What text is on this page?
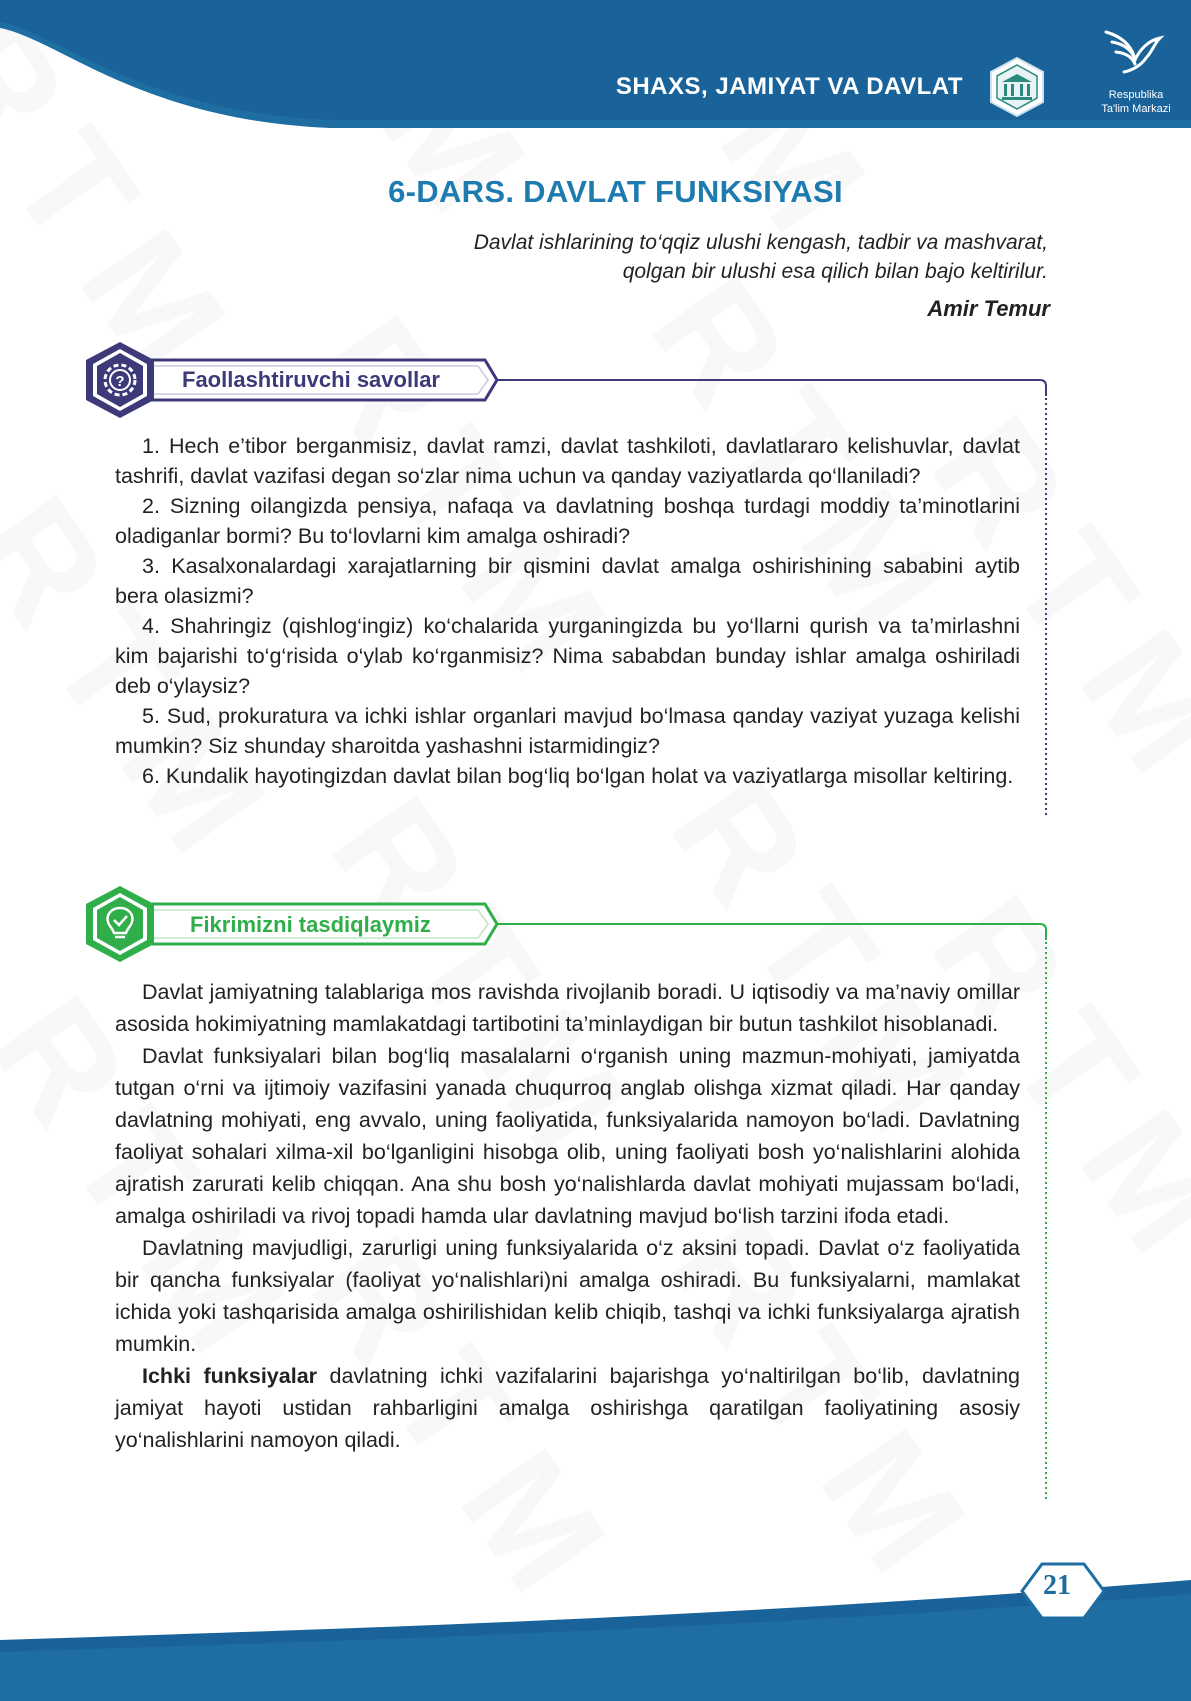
SHAXS, JAMIYAT VA DAVLAT	Respublika
Ta'lim Markazi
6-DARS. DAVLAT FUNKSIYASI
Davlat ishlarining to‘qqiz ulushi kengash, tadbir va mashvarat,
qolgan bir ulushi esa qilich bilan bajo keltirilur.
Amir Temur
?	Faollashtiruvchi savollar

1. Hech e’tibor berganmisiz, davlat ramzi, davlat tashkiloti, davlatlararo kelishuvlar, davlat tashrifi, davlat vazifasi degan so‘zlar nima uchun va qanday vaziyatlarda qo‘llaniladi?

2. Sizning oilangizda pensiya, nafaqa va davlatning boshqa turdagi moddiy ta’minotlarini oladiganlar bormi? Bu to‘lovlarni kim amalga oshiradi?

3. Kasalxonalardagi xarajatlarning bir qismini davlat amalga oshirishining sababini aytib bera olasizmi?

4. Shahringiz (qishlog‘ingiz) ko‘chalarida yurganingizda bu yo‘llarni qurish va ta’mirlashni kim bajarishi to‘g‘risida o‘ylab ko‘rganmisiz? Nima sababdan bunday ishlar amalga oshiriladi deb o‘ylaysiz?

5. Sud, prokuratura va ichki ishlar organlari mavjud bo‘lmasa qanday vaziyat yuzaga kelishi mumkin? Siz shunday sharoitda yashashni istarmidingiz?

6. Kundalik hayotingizdan davlat bilan bog‘liq bo‘lgan holat va vaziyatlarga misollar keltiring.

Fikrimizni tasdiqlaymiz

Davlat jamiyatning talablariga mos ravishda rivojlanib boradi. U iqtisodiy va ma’naviy omillar asosida hokimiyatning mamlakatdagi tartibotini ta’minlaydigan bir butun tashkilot hisoblanadi.

Davlat funksiyalari bilan bog‘liq masalalarni o‘rganish uning mazmun-mohiyati, jamiyatda tutgan o‘rni va ijtimoiy vazifasini yanada chuqurroq anglab olishga xizmat qiladi. Har qanday davlatning mohiyati, eng avvalo, uning faoliyatida, funksiyalarida namoyon bo‘ladi. Davlatning faoliyat sohalari xilma-xil bo‘lganligini hisobga olib, uning faoliyati bosh yo‘nalishlarini alohida ajratish zarurati kelib chiqqan. Ana shu bosh yo‘nalishlarda davlat mohiyati mujassam bo‘ladi, amalga oshiriladi va rivoj topadi hamda ular davlatning mavjud bo‘lish tarzini ifoda etadi.

Davlatning mavjudligi, zarurligi uning funksiyalarida o‘z aksini topadi. Davlat o‘z faoliyatida bir qancha funksiyalar (faoliyat yo‘nalishlari)ni amalga oshiradi. Bu funksiyalarni, mamlakat ichida yoki tashqarisida amalga oshirilishidan kelib chiqib, tashqi va ichki funksiyalarga ajratish mumkin.

Ichki funksiyalar davlatning ichki vazifalarini bajarishga yo‘naltirilgan bo‘lib, davlatning jamiyat hayoti ustidan rahbarligini amalga oshirishga qaratilgan faoliyatining asosiy yo‘nalishlarini namoyon qiladi.

21
